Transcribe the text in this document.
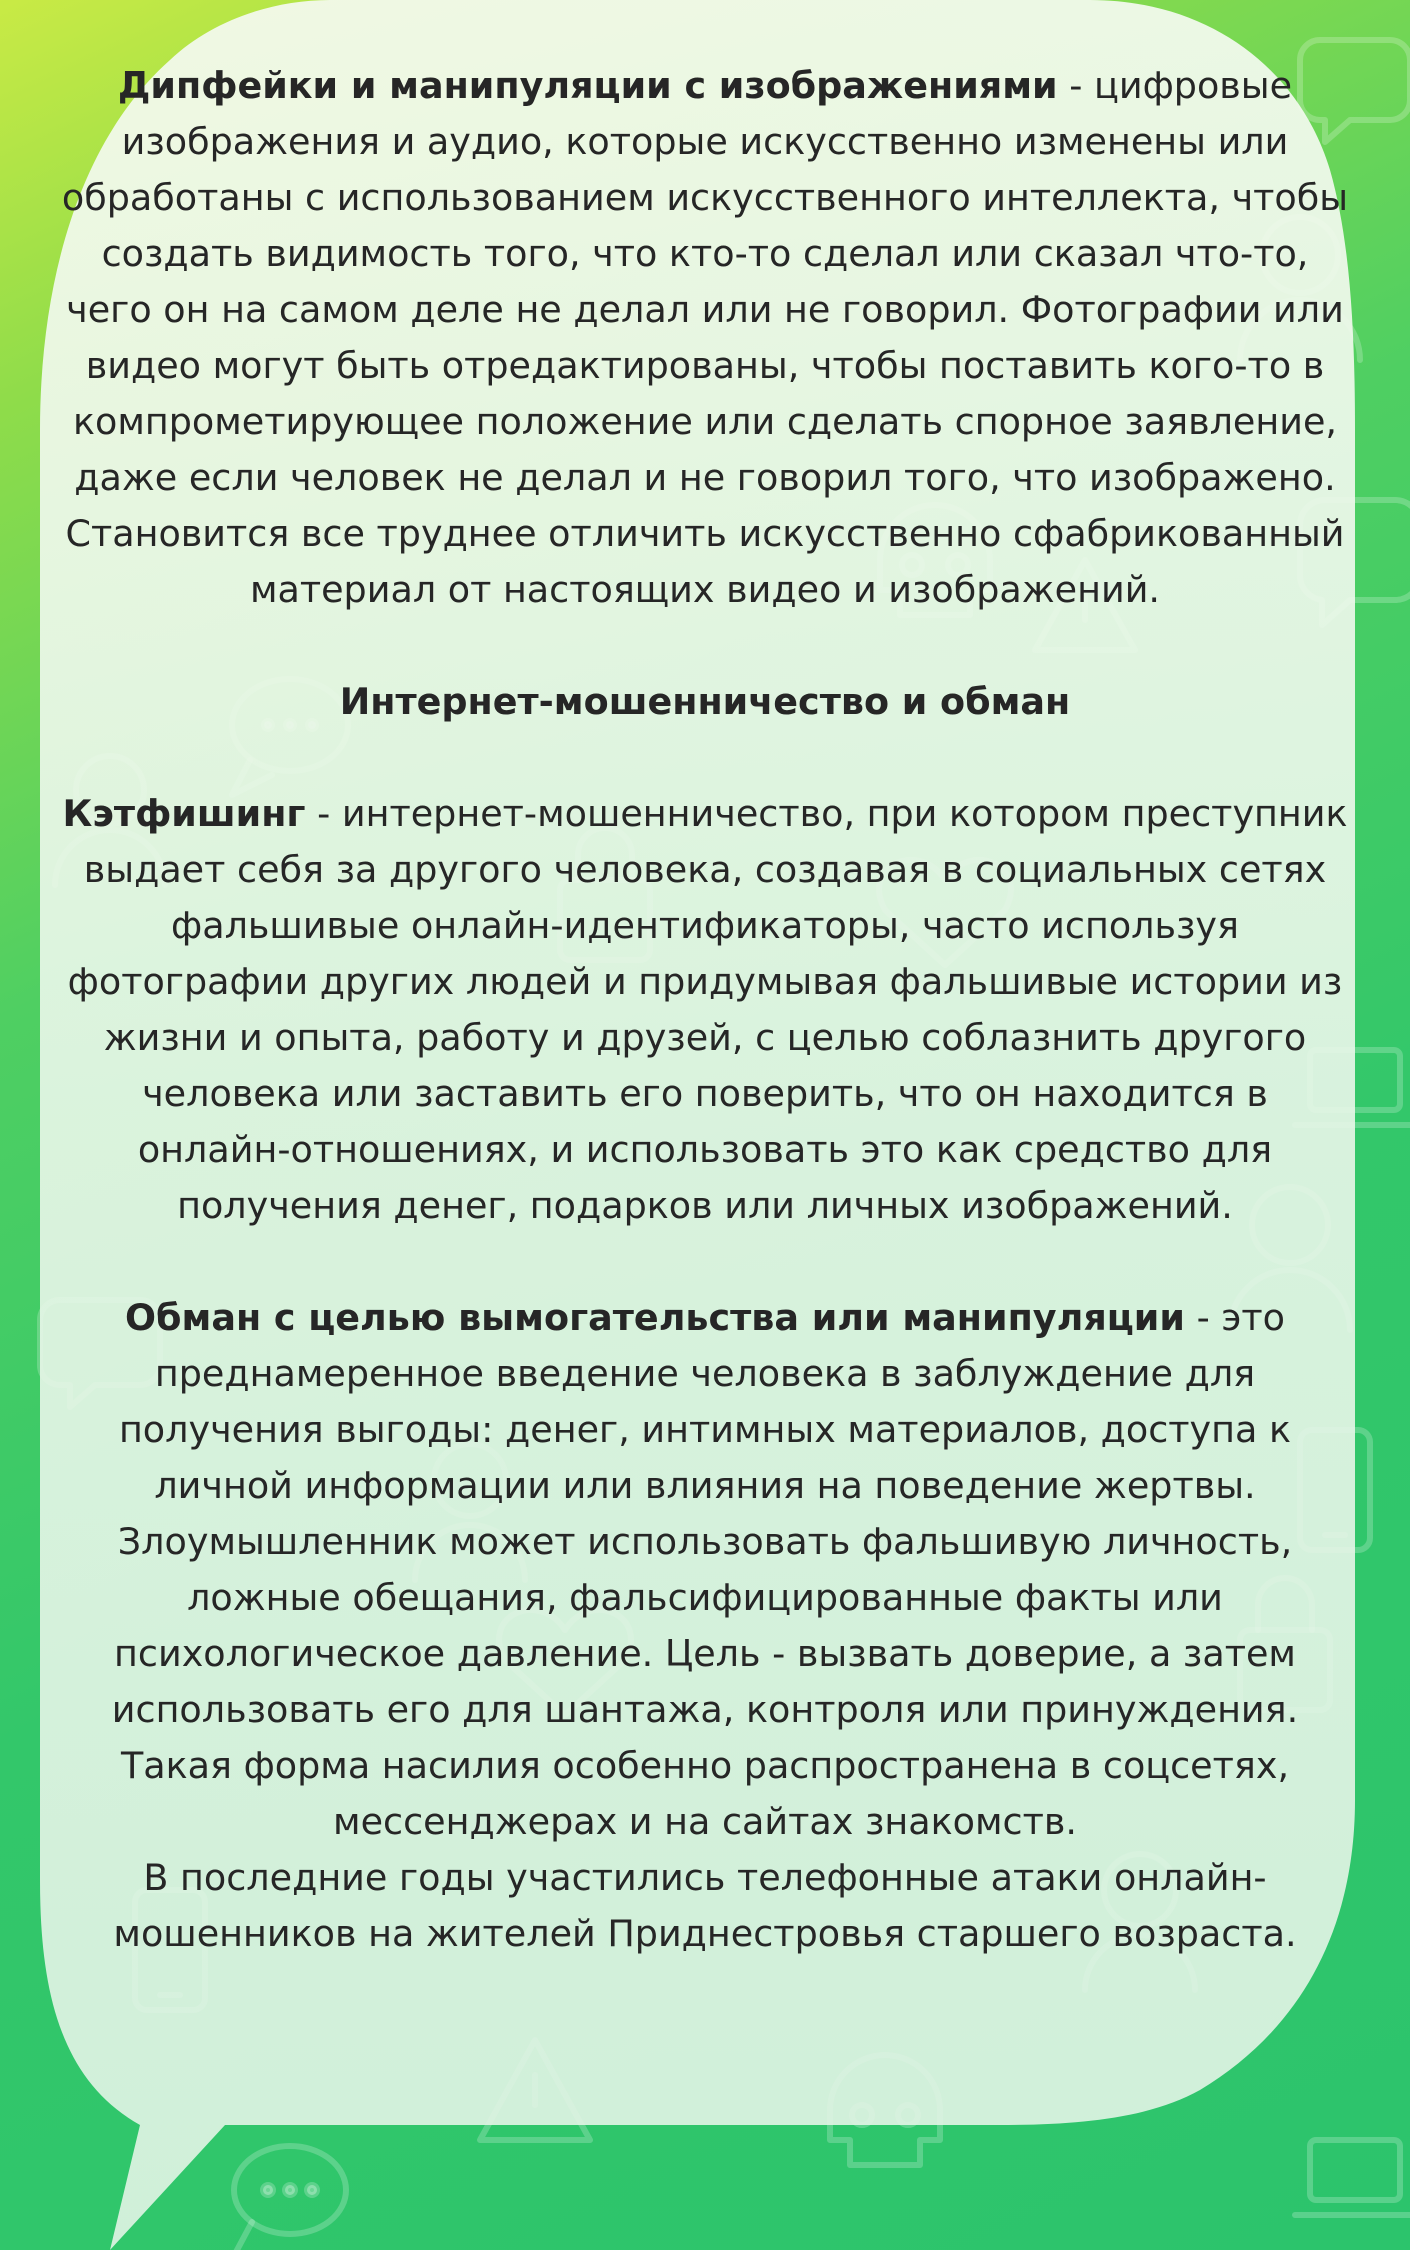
Дипфейки и манипуляции с изображениями - цифровые изображения и аудио, которые искусственно изменены или обработаны с использованием искусственного интеллекта, чтобы создать видимость того, что кто-то сделал или сказал что-то, чего он на самом деле не делал или не говорил. Фотографии или видео могут быть отредактированы, чтобы поставить кого-то в компрометирующее положение или сделать спорное заявление, даже если человек не делал и не говорил того, что изображено. Становится все труднее отличить искусственно сфабрикованный материал от настоящих видео и изображений.

Интернет-мошенничество и обман

Кэтфишинг - интернет-мошенничество, при котором преступник выдает себя за другого человека, создавая в социальных сетях фальшивые онлайн-идентификаторы, часто используя фотографии других людей и придумывая фальшивые истории из жизни и опыта, работу и друзей, с целью соблазнить другого человека или заставить его поверить, что он находится в онлайн-отношениях, и использовать это как средство для получения денег, подарков или личных изображений.

Обман с целью вымогательства или манипуляции - это преднамеренное введение человека в заблуждение для получения выгоды: денег, интимных материалов, доступа к личной информации или влияния на поведение жертвы. Злоумышленник может использовать фальшивую личность, ложные обещания, фальсифицированные факты или психологическое давление. Цель - вызвать доверие, а затем использовать его для шантажа, контроля или принуждения. Такая форма насилия особенно распространена в соцсетях, мессенджерах и на сайтах знакомств.

В последние годы участились телефонные атаки онлайн-мошенников на жителей Приднестровья старшего возраста.
